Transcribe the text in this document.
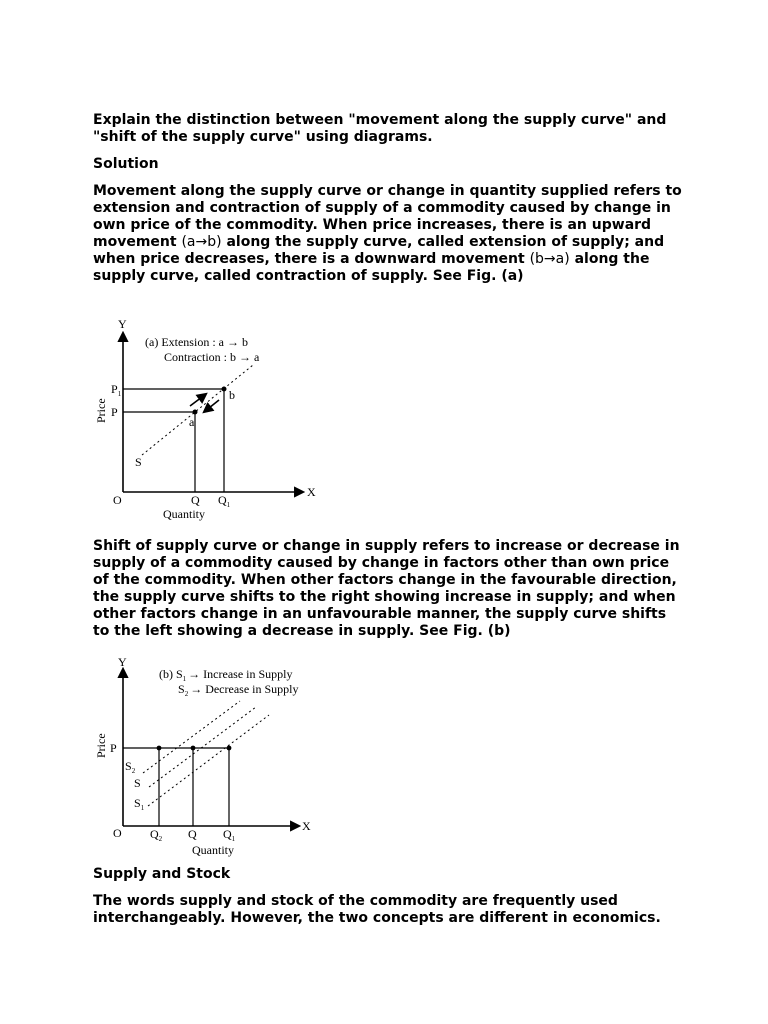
Explain the distinction between "movement along the supply curve" and "shift of the supply curve" using diagrams.

Solution

Movement along the supply curve or change in quantity supplied refers to extension and contraction of supply of a commodity caused by change in own price of the commodity. When price increases, there is an upward movement (a→b) along the supply curve, called extension of supply; and when price decreases, there is a downward movement (b→a) along the supply curve, called contraction of supply. See Fig. (a)

Y
X
O
Price
Quantity
(a) Extension : a → b
Contraction : b → a
S
a
b
$P_1$
P
Q $Q_1$

Shift of supply curve or change in supply refers to increase or decrease in supply of a commodity caused by change in factors other than own price of the commodity. When other factors change in the favourable direction, the supply curve shifts to the right showing increase in supply; and when other factors change in an unfavourable manner, the supply curve shifts to the left showing a decrease in supply. See Fig. (b)

Y
X
O
Price
Quantity
(b) $S_1$ → Increase in Supply
$S_2$ → Decrease in Supply
P
$S_2$
S
$S_1$
$Q_2$ Q $Q_1$

Supply and Stock

The words supply and stock of the commodity are frequently used interchangeably. However, the two concepts are different in economics.
